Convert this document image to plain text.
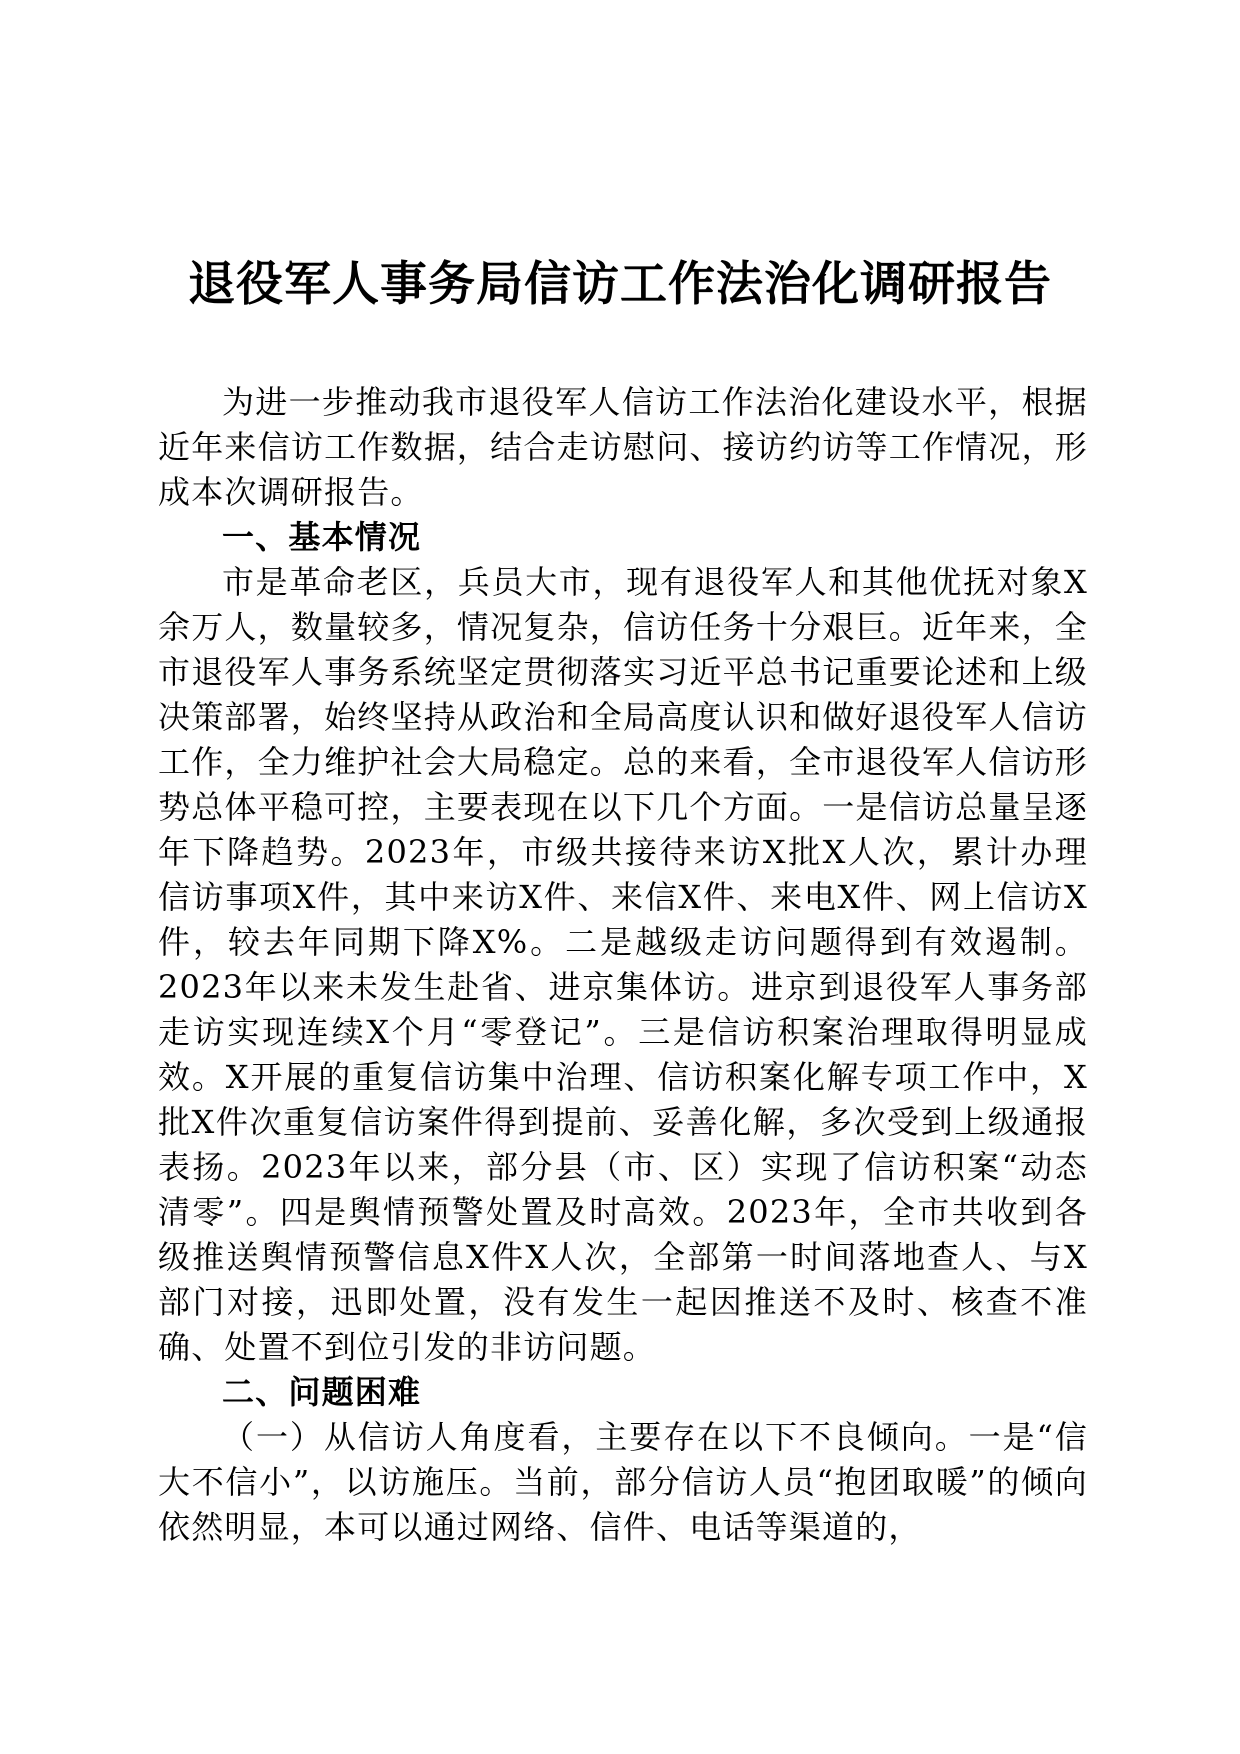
退役军人事务局信访工作法治化调研报告

为进一步推动我市退役军人信访工作法治化建设水平，根据近年来信访工作数据，结合走访慰问、接访约访等工作情况，形成本次调研报告。

一、基本情况

市是革命老区，兵员大市，现有退役军人和其他优抚对象X余万人，数量较多，情况复杂，信访任务十分艰巨。近年来，全市退役军人事务系统坚定贯彻落实习近平总书记重要论述和上级决策部署，始终坚持从政治和全局高度认识和做好退役军人信访工作，全力维护社会大局稳定。总的来看，全市退役军人信访形势总体平稳可控，主要表现在以下几个方面。一是信访总量呈逐年下降趋势。2023年，市级共接待来访X批X人次，累计办理信访事项X件，其中来访X件、来信X件、来电X件、网上信访X件，较去年同期下降X%。二是越级走访问题得到有效遏制。2023年以来未发生赴省、进京集体访。进京到退役军人事务部走访实现连续X个月“零登记”。三是信访积案治理取得明显成效。X开展的重复信访集中治理、信访积案化解专项工作中，X批X件次重复信访案件得到提前、妥善化解，多次受到上级通报表扬。2023年以来，部分县（市、区）实现了信访积案“动态清零”。四是舆情预警处置及时高效。2023年，全市共收到各级推送舆情预警信息X件X人次，全部第一时间落地查人、与X部门对接，迅即处置，没有发生一起因推送不及时、核查不准确、处置不到位引发的非访问题。

二、问题困难

（一）从信访人角度看，主要存在以下不良倾向。一是“信大不信小”，以访施压。当前，部分信访人员“抱团取暖”的倾向依然明显，本可以通过网络、信件、电话等渠道的，
